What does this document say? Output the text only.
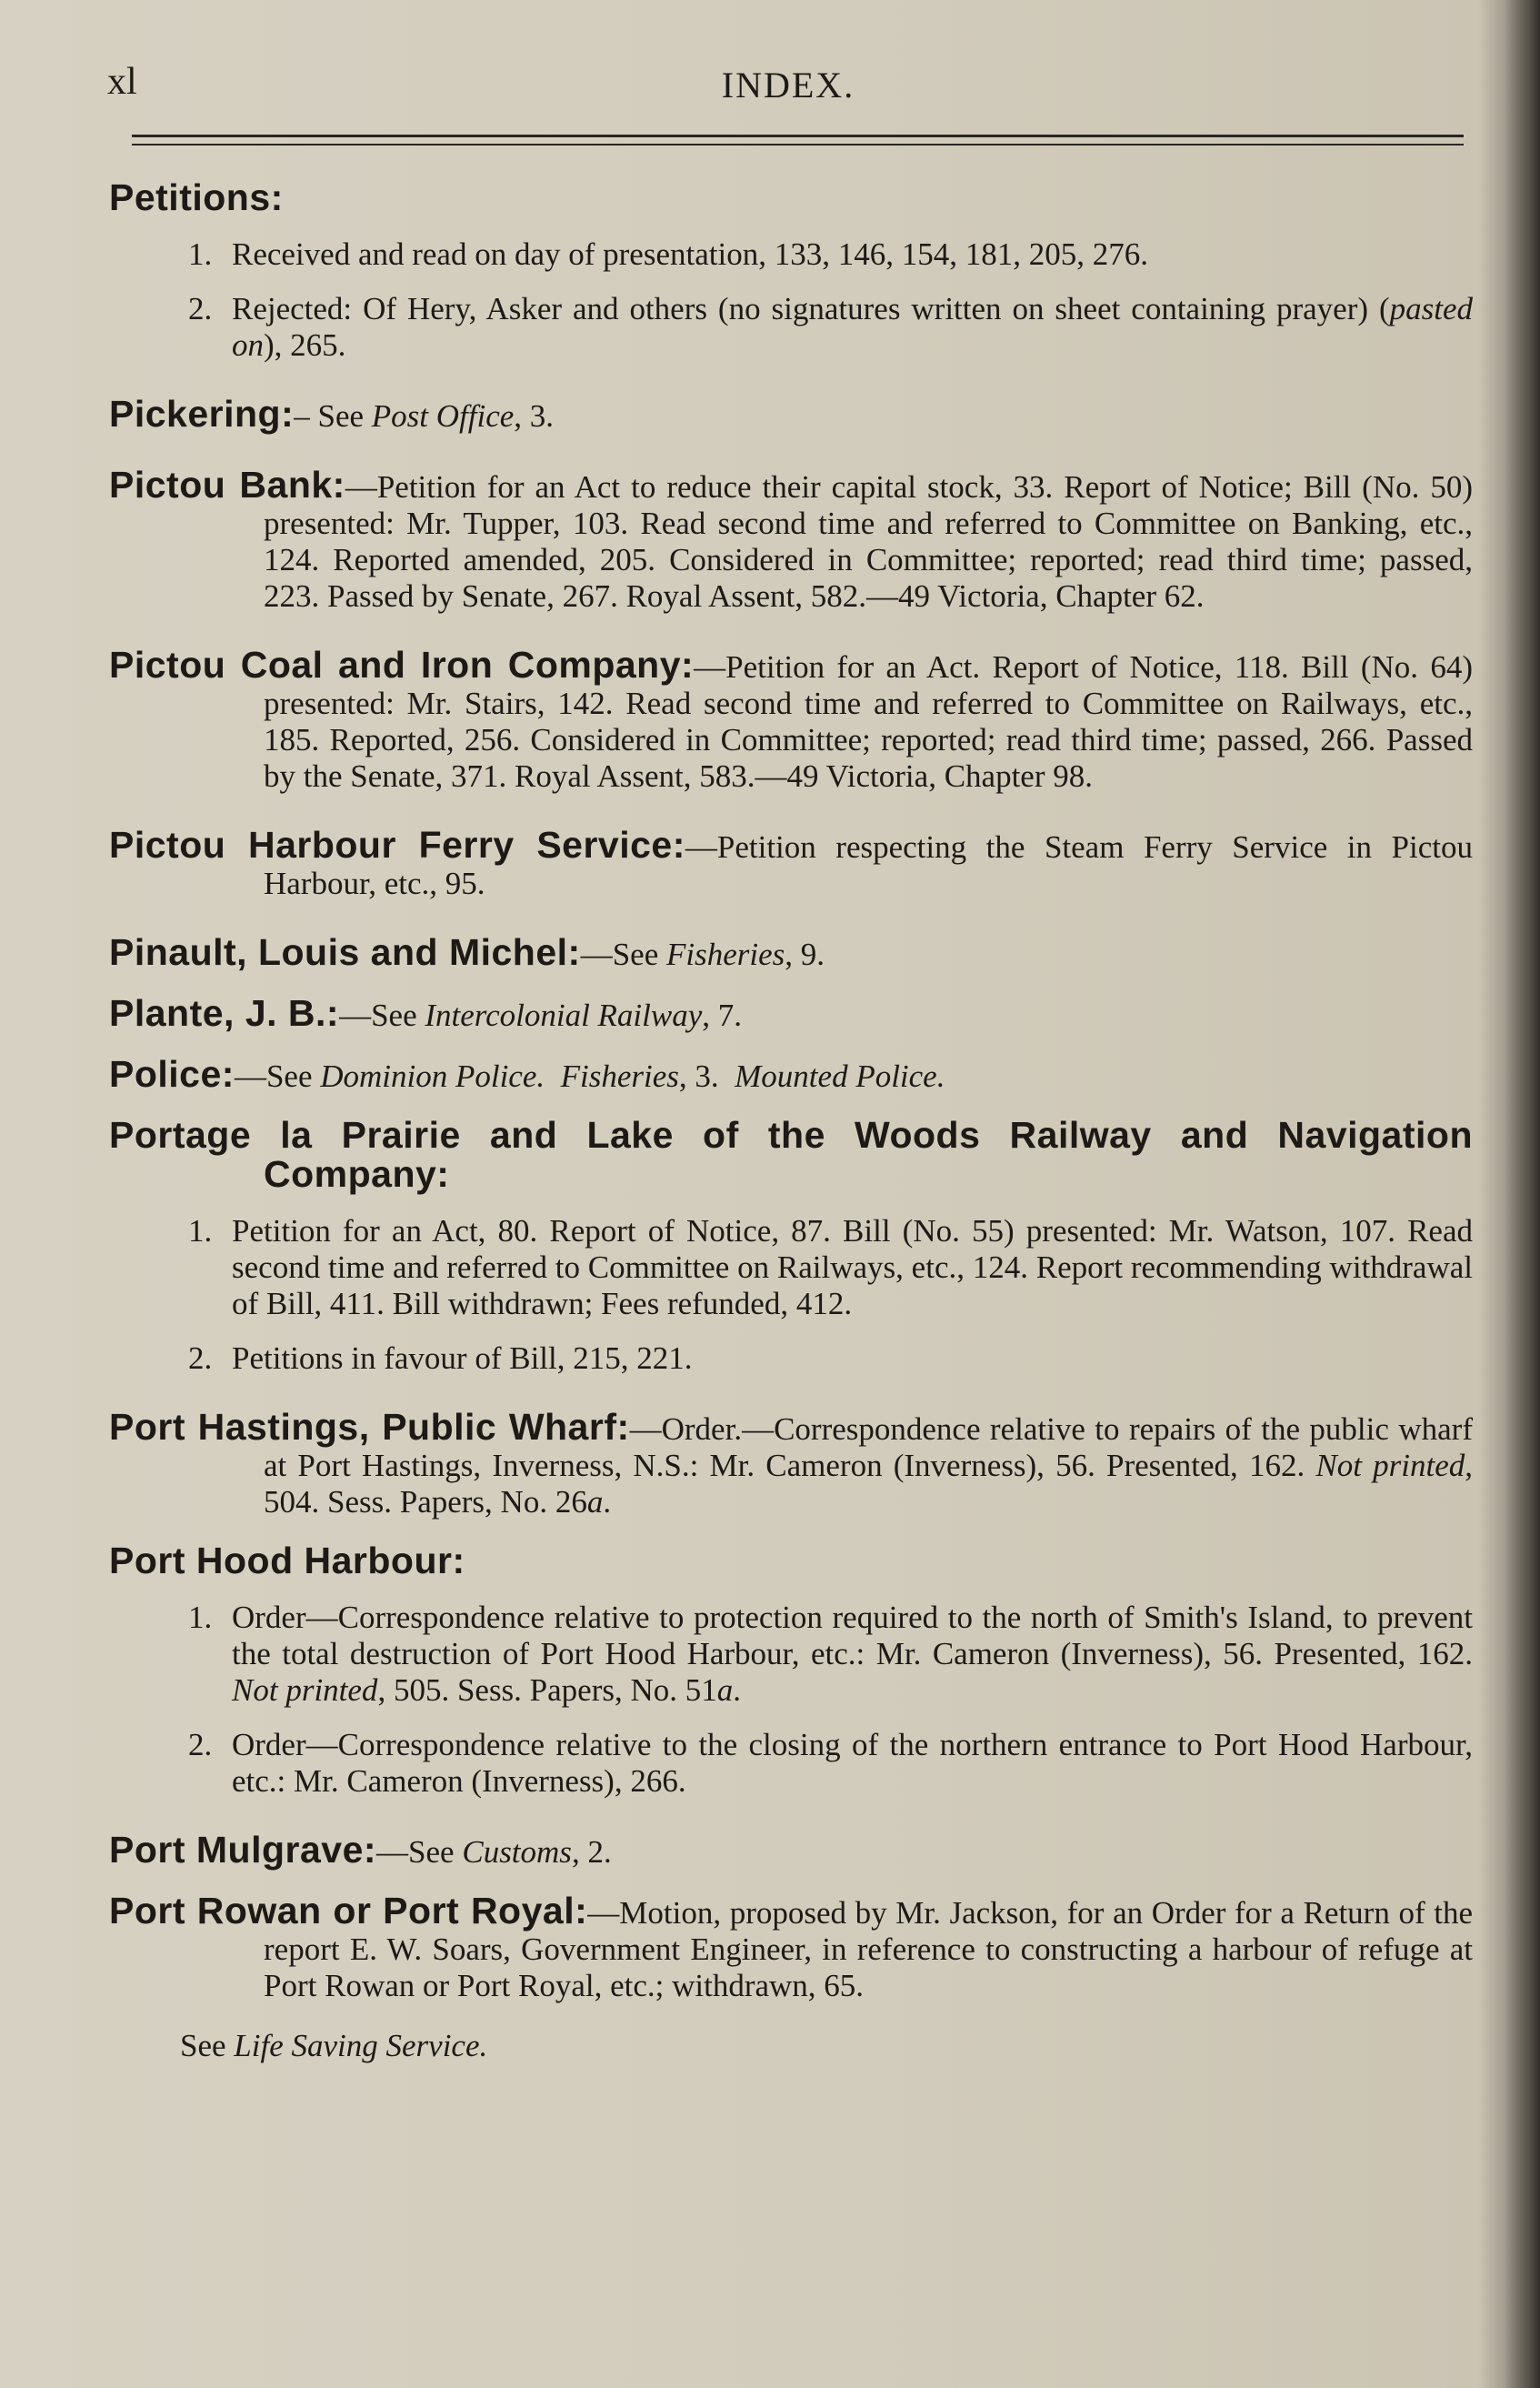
xl	INDEX.
Petitions:
1. Received and read on day of presentation, 133, 146, 154, 181, 205, 276.
2. Rejected: Of Hery, Asker and others (no signatures written on sheet containing prayer) (pasted on), 265.
Pickering:– See Post Office, 3.
Pictou Bank:—Petition for an Act to reduce their capital stock, 33. Report of Notice; Bill (No. 50) presented: Mr. Tupper, 103. Read second time and referred to Committee on Banking, etc., 124. Reported amended, 205. Considered in Committee; reported; read third time; passed, 223. Passed by Senate, 267. Royal Assent, 582.—49 Victoria, Chapter 62.
Pictou Coal and Iron Company:—Petition for an Act. Report of Notice, 118. Bill (No. 64) presented: Mr. Stairs, 142. Read second time and referred to Committee on Railways, etc., 185. Reported, 256. Considered in Committee; reported; read third time; passed, 266. Passed by the Senate, 371. Royal Assent, 583.—49 Victoria, Chapter 98.
Pictou Harbour Ferry Service:—Petition respecting the Steam Ferry Service in Pictou Harbour, etc., 95.
Pinault, Louis and Michel:—See Fisheries, 9.
Plante, J. B.:—See Intercolonial Railway, 7.
Police:—See Dominion Police. Fisheries, 3.  Mounted Police.
Portage la Prairie and Lake of the Woods Railway and Navigation Company:
1. Petition for an Act, 80. Report of Notice, 87. Bill (No. 55) presented: Mr. Watson, 107. Read second time and referred to Committee on Railways, etc., 124. Report recommending withdrawal of Bill, 411. Bill withdrawn; Fees refunded, 412.
2. Petitions in favour of Bill, 215, 221.
Port Hastings, Public Wharf:—Order.—Correspondence relative to repairs of the public wharf at Port Hastings, Inverness, N.S.: Mr. Cameron (Inverness), 56. Presented, 162. Not printed, 504. Sess. Papers, No. 26a.
Port Hood Harbour:
1. Order—Correspondence relative to protection required to the north of Smith's Island, to prevent the total destruction of Port Hood Harbour, etc.: Mr. Cameron (Inverness), 56. Presented, 162. Not printed, 505. Sess. Papers, No. 51a.
2. Order—Correspondence relative to the closing of the northern entrance to Port Hood Harbour, etc.: Mr. Cameron (Inverness), 266.
Port Mulgrave:—See Customs, 2.
Port Rowan or Port Royal:—Motion, proposed by Mr. Jackson, for an Order for a Return of the report E. W. Soars, Government Engineer, in reference to constructing a harbour of refuge at Port Rowan or Port Royal, etc.; withdrawn, 65.
See Life Saving Service.
